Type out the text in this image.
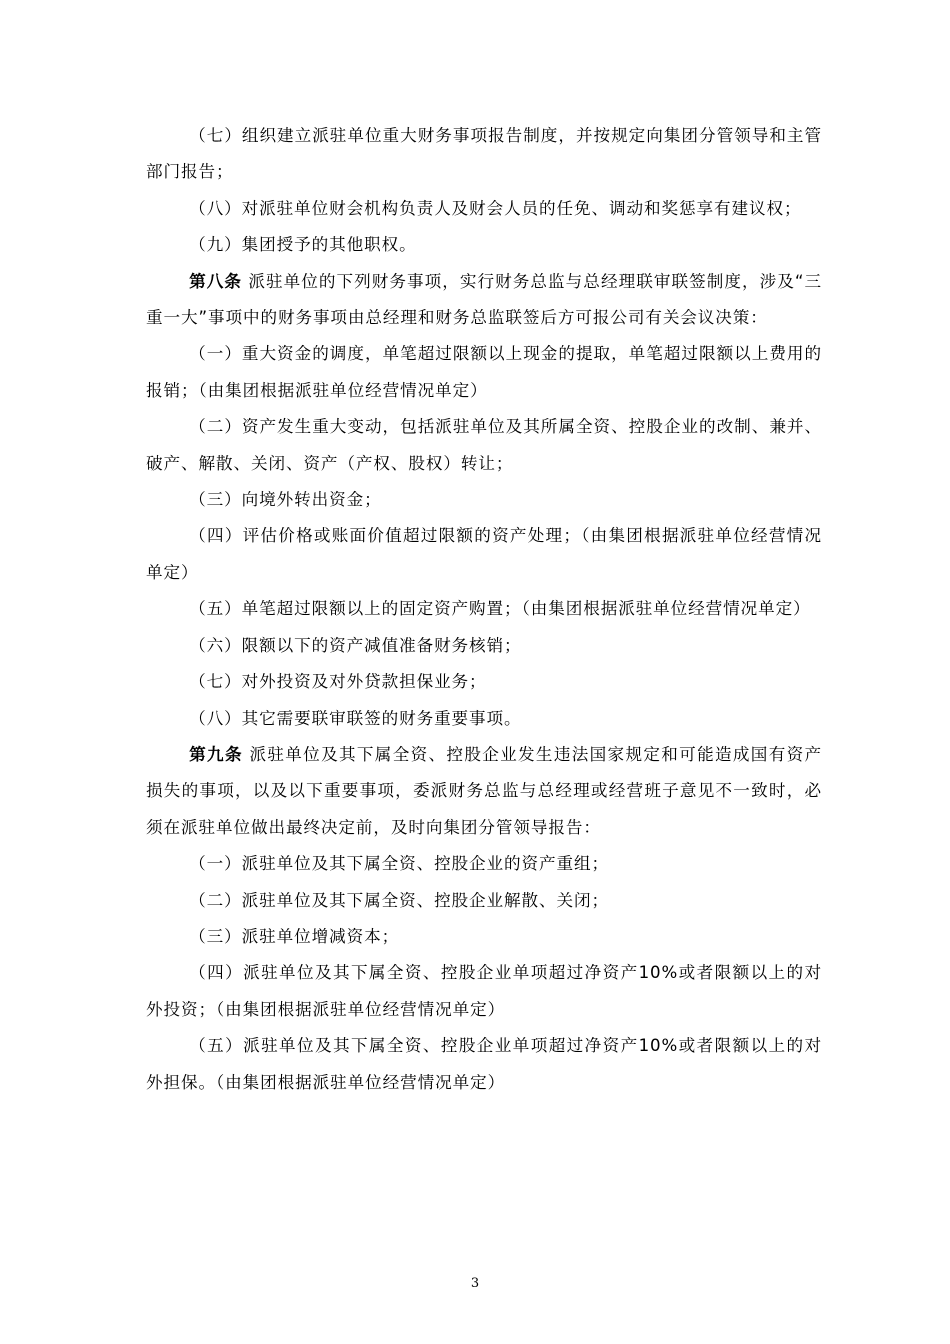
（七）组织建立派驻单位重大财务事项报告制度，并按规定向集团分管领导和主管部门报告；

（八）对派驻单位财会机构负责人及财会人员的任免、调动和奖惩享有建议权；

（九）集团授予的其他职权。

第八条 派驻单位的下列财务事项，实行财务总监与总经理联审联签制度，涉及“三重一大”事项中的财务事项由总经理和财务总监联签后方可报公司有关会议决策：

（一）重大资金的调度，单笔超过限额以上现金的提取，单笔超过限额以上费用的报销；（由集团根据派驻单位经营情况单定）

（二）资产发生重大变动，包括派驻单位及其所属全资、控股企业的改制、兼并、破产、解散、关闭、资产（产权、股权）转让；

（三）向境外转出资金；

（四）评估价格或账面价值超过限额的资产处理；（由集团根据派驻单位经营情况单定）

（五）单笔超过限额以上的固定资产购置；（由集团根据派驻单位经营情况单定）

（六）限额以下的资产减值准备财务核销；

（七）对外投资及对外贷款担保业务；

（八）其它需要联审联签的财务重要事项。

第九条 派驻单位及其下属全资、控股企业发生违法国家规定和可能造成国有资产损失的事项，以及以下重要事项，委派财务总监与总经理或经营班子意见不一致时，必须在派驻单位做出最终决定前，及时向集团分管领导报告：

（一）派驻单位及其下属全资、控股企业的资产重组；

（二）派驻单位及其下属全资、控股企业解散、关闭；

（三）派驻单位增减资本；

（四）派驻单位及其下属全资、控股企业单项超过净资产10%或者限额以上的对外投资；（由集团根据派驻单位经营情况单定）

（五）派驻单位及其下属全资、控股企业单项超过净资产10%或者限额以上的对外担保。（由集团根据派驻单位经营情况单定）

3
